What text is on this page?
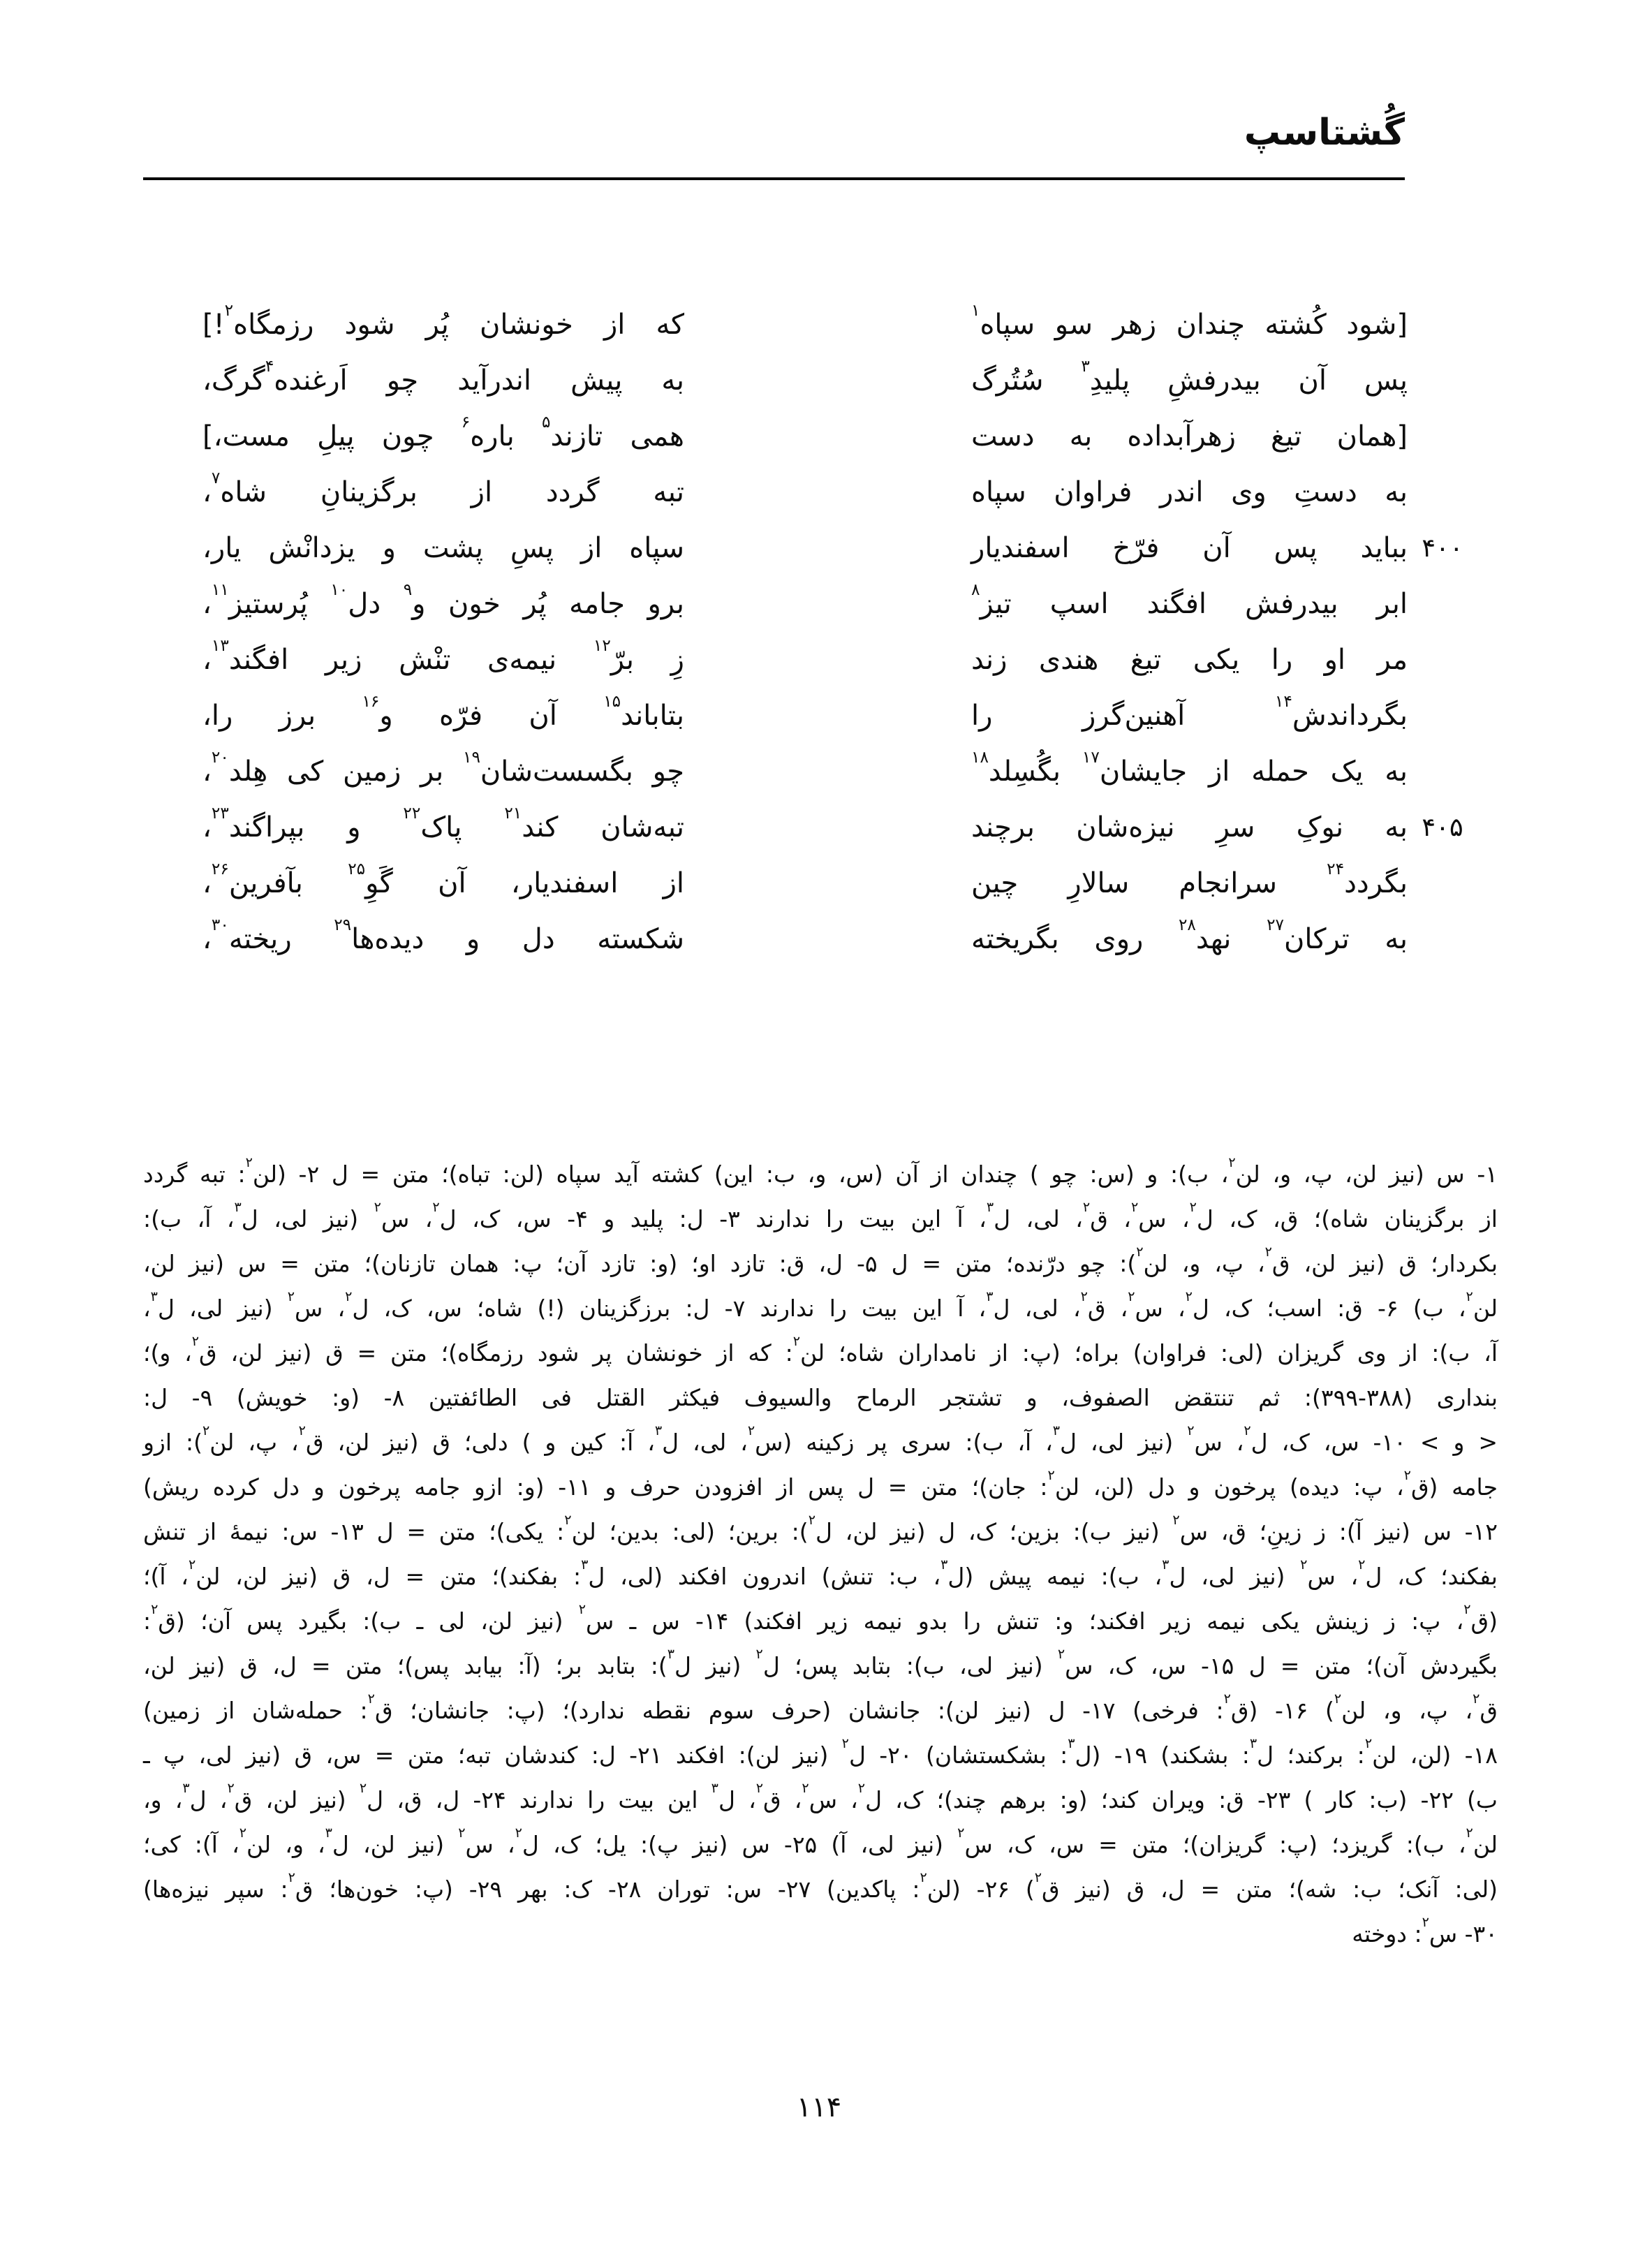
گُشتاسپ
[شود کُشته چندان زهر سو سپاه$^۱$
که از خونشان پُر شود رزمگاه$^۲$!]
پس آن بیدرفشِ پلیدِ$^۳$ سُتُرگ
به پیش اندرآید چو اَرغنده$^۴$گرگ،
[همان تیغ زهرآبداده به دست
همی تازند$^۵$ باره$^۶$ چون پیلِ مست،]
به دستِ وی اندر فراوان سپاه
تبه گردد از برگزینانِ شاه$^۷$،
۴۰۰
بباید پس آن فرّخ اسفندیار
سپاه از پسِ پشت و یزدانْش یار،
ابر بیدرفش افگند اسپ تیز$^۸$
برو جامه پُر خون و$^۹$ دل$^{۱۰}$ پُرستیز$^{۱۱}$،
مر او را یکی تیغ هندی زند
زِ برّ$^{۱۲}$ نیمه‌ی تنْش زیر افگند$^{۱۳}$،
بگرداندش$^{۱۴}$ آهنین‌گرز را
بتاباند$^{۱۵}$ آن فرّه و$^{۱۶}$ برز را،
به یک حمله از جایشان$^{۱۷}$ بگُسِلد$^{۱۸}$
چو بگسست‌شان$^{۱۹}$ بر زمین کی هِلد$^{۲۰}$،
۴۰۵
به نوکِ سرِ نیزه‌شان برچند
تبه‌شان کند$^{۲۱}$ پاک$^{۲۲}$ و بپراگند$^{۲۳}$،
بگردد$^{۲۴}$ سرانجام سالارِ چین
از اسفندیار، آن گَوِ$^{۲۵}$ بآفرین$^{۲۶}$،
به ترکان$^{۲۷}$ نهد$^{۲۸}$ روی بگریخته
شکسته دل و دیده‌ها$^{۲۹}$ ریخته$^{۳۰}$،
۱- س (نیز لن، پ، و، لن$^۲$، ب): و (س: چو ) چندان از آن (س، و، ب: این) کشته آید سپاه (لن: تباه)؛ متن = ل ۲- (لن$^۲$: تبه گردد
از برگزینان شاه)؛ ق، ک، ل$^۲$، س$^۲$، ق$^۲$، لی، ل$^۳$، آ این بیت را ندارند ۳- ل: پلید و ۴- س، ک، ل$^۲$، س$^۲$ (نیز لی، ل$^۳$، آ، ب):
بکردار؛ ق (نیز لن، ق$^۲$، پ، و، لن$^۲$): چو درّنده؛ متن = ل ۵- ل، ق: تازد او؛ (و: تازد آن؛ پ: همان تازنان)؛ متن = س (نیز لن،
لن$^۲$، ب) ۶- ق: اسب؛ ک، ل$^۲$، س$^۲$، ق$^۲$، لی، ل$^۳$، آ این بیت را ندارند ۷- ل: برزگزینان (!) شاه؛ س، ک، ل$^۲$، س$^۲$ (نیز لی، ل$^۳$،
آ، ب): از وی گریزان (لی: فراوان) براه؛ (پ: از نامداران شاه؛ لن$^۲$: که از خونشان پر شود رزمگاه)؛ متن = ق (نیز لن، ق$^۲$، و)؛
بنداری (۳۸۸-۳۹۹): ثم تنتقض الصفوف، و تشتجر الرماح والسیوف فیکثر القتل فی الطائفتین ۸- (و: خویش) ۹- ل:
< و > ۱۰- س، ک، ل$^۲$، س$^۲$ (نیز لی، ل$^۳$، آ، ب): سری پر زکینه (س$^۲$، لی، ل$^۳$، آ: کین و ) دلی؛ ق (نیز لن، ق$^۲$، پ، لن$^۲$): ازو
جامه (ق$^۲$، پ: دیده) پرخون و دل (لن، لن$^۲$: جان)؛ متن = ل پس از افزودن حرف و ۱۱- (و: ازو جامه پرخون و دل کرده ریش)
۱۲- س (نیز آ): ز زینِ؛ ق، س$^۲$ (نیز ب): بزین؛ ک، ل (نیز لن، ل$^۲$): برین؛ (لی: بدین؛ لن$^۲$: یکی)؛ متن = ل ۱۳- س: نیمهٔ از تنش
بفکند؛ ک، ل$^۲$، س$^۲$ (نیز لی، ل$^۳$، ب): نیمه پیش (ل$^۳$، ب: تنش) اندرون افکند (لی، ل$^۳$: بفکند)؛ متن = ل، ق (نیز لن، لن$^۲$، آ)؛
(ق$^۲$، پ: ز زینش یکی نیمه زیر افکند؛ و: تنش را بدو نیمه زیر افکند) ۱۴- س ـ س$^۲$ (نیز لن، لی ـ ب): بگیرد پس آن؛ (ق$^۲$:
بگیردش آن)؛ متن = ل ۱۵- س، ک، س$^۲$ (نیز لی، ب): بتابد پس؛ ل$^۲$ (نیز ل$^۳$): بتابد بر؛ (آ: بیابد پس)؛ متن = ل، ق (نیز لن،
ق$^۲$، پ، و، لن$^۲$) ۱۶- (ق$^۲$: فرخی) ۱۷- ل (نیز لن): جانشان (حرف سوم نقطه ندارد)؛ (پ: جانشان؛ ق$^۲$: حمله‌شان از زمین)
۱۸- (لن، لن$^۲$: برکند؛ ل$^۳$: بشکند) ۱۹- (ل$^۳$: بشکستشان) ۲۰- ل$^۲$ (نیز لن): افکند ۲۱- ل: کندشان تبه؛ متن = س، ق (نیز لی، پ ـ
ب) ۲۲- (ب: کار ) ۲۳- ق: ویران کند؛ (و: برهم چند)؛ ک، ل$^۲$، س$^۲$، ق$^۲$، ل$^۳$ این بیت را ندارند ۲۴- ل، ق، ل$^۲$ (نیز لن، ق$^۲$، ل$^۳$، و،
لن$^۲$، ب): گریزد؛ (پ: گریزان)؛ متن = س، ک، س$^۲$ (نیز لی، آ) ۲۵- س (نیز پ): یل؛ ک، ل$^۲$، س$^۲$ (نیز لن، ل$^۳$، و، لن$^۲$، آ): کی؛
(لی: آنک؛ ب: شه)؛ متن = ل، ق (نیز ق$^۲$) ۲۶- (لن$^۲$: پاکدین) ۲۷- س: توران ۲۸- ک: بهر ۲۹- (پ: خون‌ها؛ ق$^۲$: سپر نیزه‌ها)
۳۰- س$^۲$: دوخته
۱۱۴
